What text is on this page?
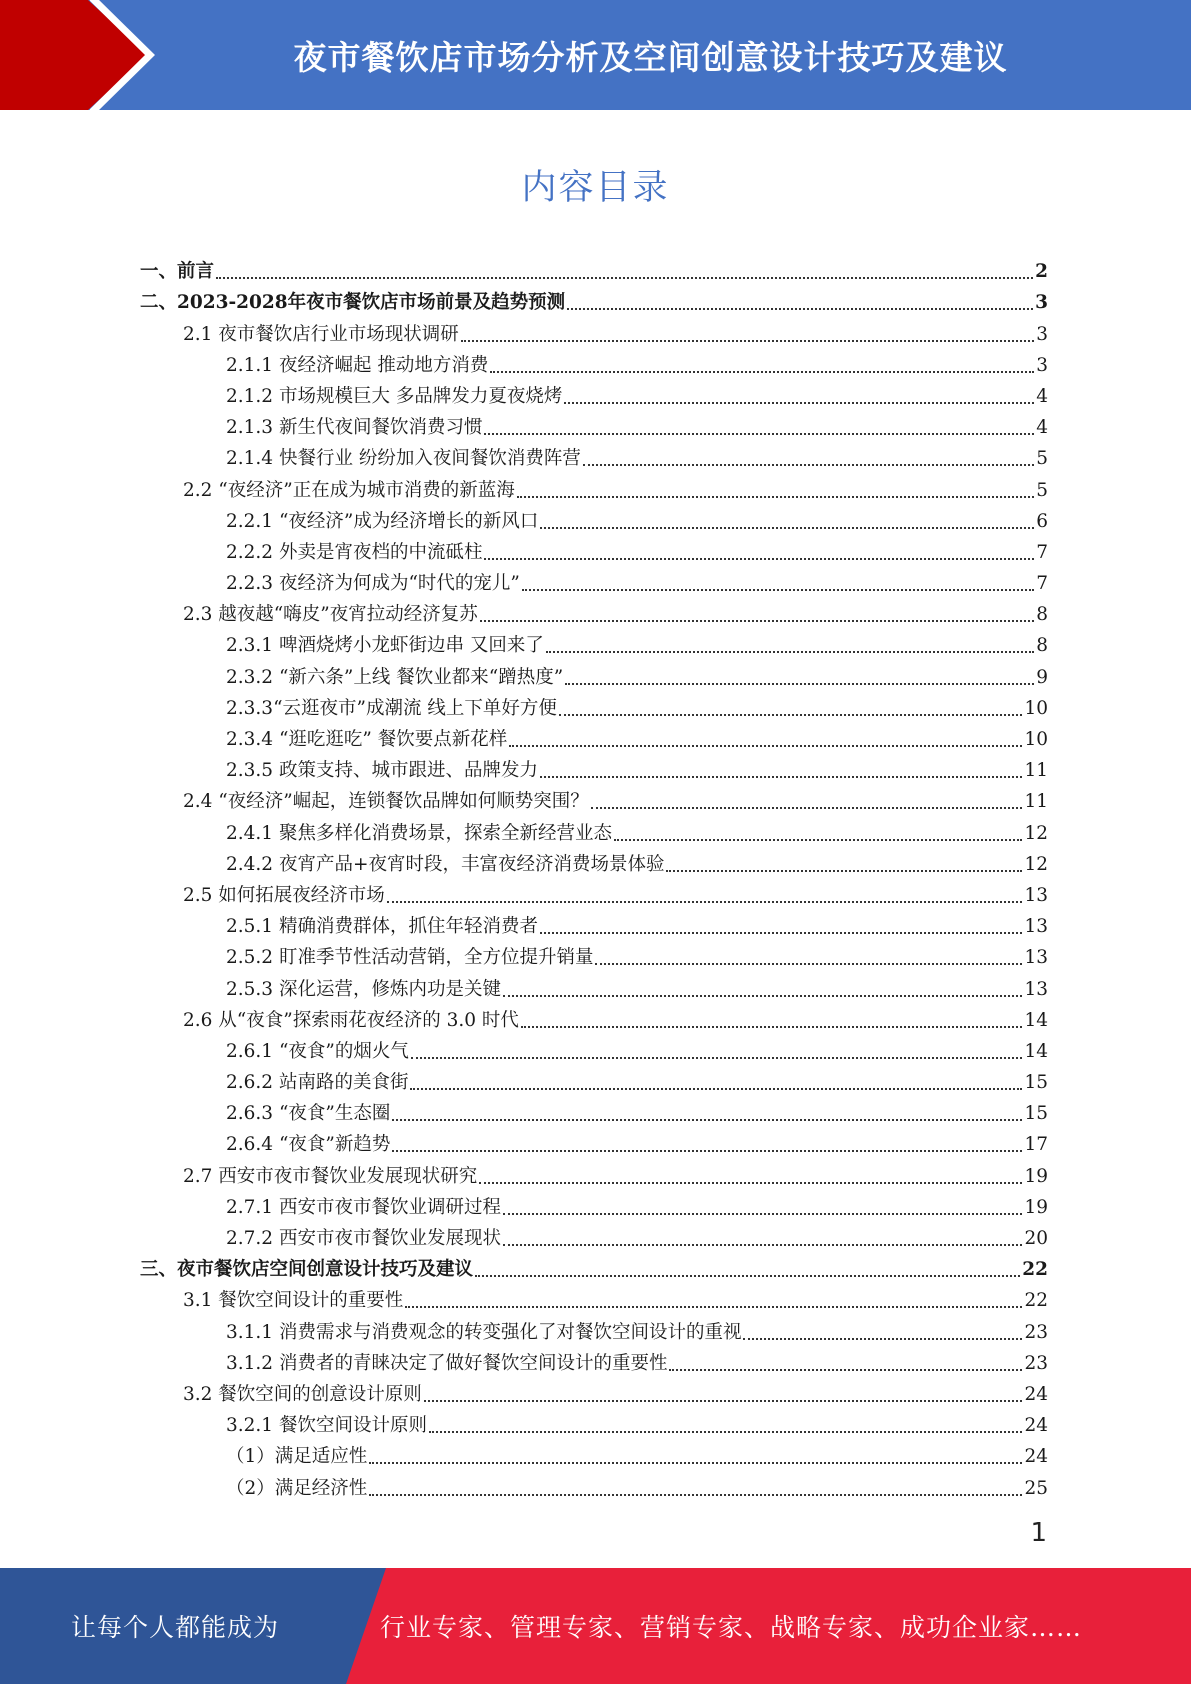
夜市餐饮店市场分析及空间创意设计技巧及建议
内容目录
一、前言	2
二、2023-2028年夜市餐饮店市场前景及趋势预测	3
2.1 夜市餐饮店行业市场现状调研	3
2.1.1 夜经济崛起 推动地方消费	3
2.1.2 市场规模巨大 多品牌发力夏夜烧烤	4
2.1.3 新生代夜间餐饮消费习惯	4
2.1.4 快餐行业 纷纷加入夜间餐饮消费阵营	5
2.2 “夜经济”正在成为城市消费的新蓝海	5
2.2.1 “夜经济”成为经济增长的新风口	6
2.2.2 外卖是宵夜档的中流砥柱	7
2.2.3 夜经济为何成为“时代的宠儿”	7
2.3 越夜越“嗨皮”夜宵拉动经济复苏	8
2.3.1 啤酒烧烤小龙虾街边串 又回来了	8
2.3.2 “新六条”上线 餐饮业都来“蹭热度”	9
2.3.3“云逛夜市”成潮流 线上下单好方便	10
2.3.4 “逛吃逛吃” 餐饮要点新花样	10
2.3.5 政策支持、城市跟进、品牌发力	11
2.4 “夜经济”崛起，连锁餐饮品牌如何顺势突围？	11
2.4.1 聚焦多样化消费场景，探索全新经营业态	12
2.4.2 夜宵产品+夜宵时段，丰富夜经济消费场景体验	12
2.5 如何拓展夜经济市场	13
2.5.1 精确消费群体，抓住年轻消费者	13
2.5.2 盯准季节性活动营销，全方位提升销量	13
2.5.3 深化运营，修炼内功是关键	13
2.6 从“夜食”探索雨花夜经济的 3.0 时代	14
2.6.1 “夜食”的烟火气	14
2.6.2 站南路的美食街	15
2.6.3 “夜食”生态圈	15
2.6.4 “夜食”新趋势	17
2.7 西安市夜市餐饮业发展现状研究	19
2.7.1 西安市夜市餐饮业调研过程	19
2.7.2 西安市夜市餐饮业发展现状	20
三、夜市餐饮店空间创意设计技巧及建议	22
3.1 餐饮空间设计的重要性	22
3.1.1 消费需求与消费观念的转变强化了对餐饮空间设计的重视	23
3.1.2 消费者的青睐决定了做好餐饮空间设计的重要性	23
3.2 餐饮空间的创意设计原则	24
3.2.1 餐饮空间设计原则	24
（1）满足适应性	24
（2）满足经济性	25
1
让每个人都能成为	行业专家、管理专家、营销专家、战略专家、成功企业家……
